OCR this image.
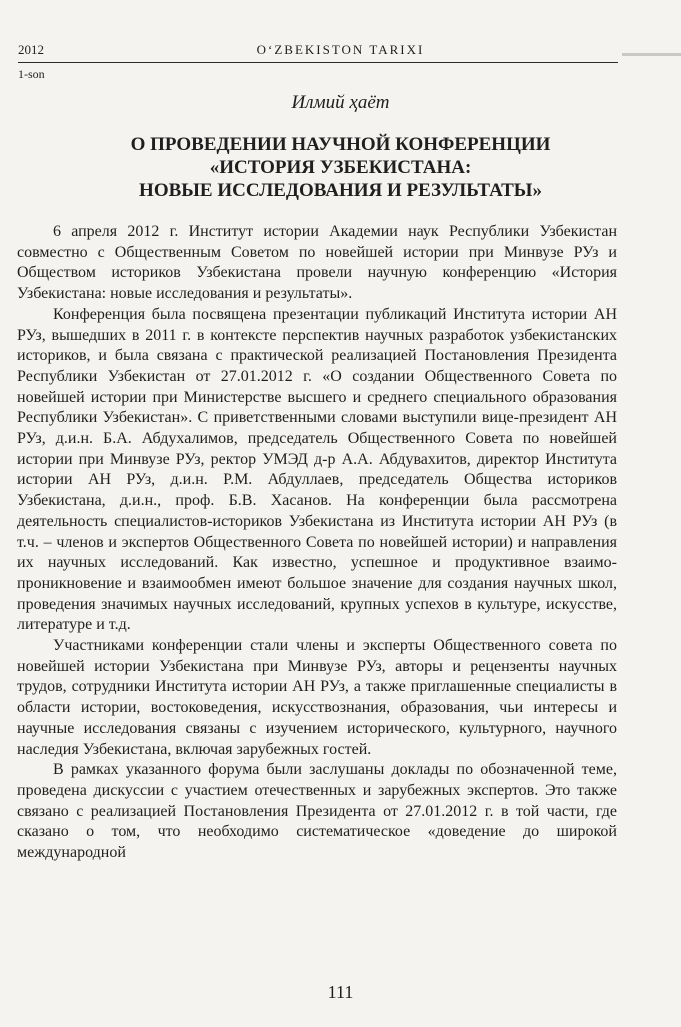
2012	O‘ZBEKISTON TARIXI
1-son
Илмий ҳаёт
О ПРОВЕДЕНИИ НАУЧНОЙ КОНФЕРЕНЦИИ
«ИСТОРИЯ УЗБЕКИСТАНА:
НОВЫЕ ИССЛЕДОВАНИЯ И РЕЗУЛЬТАТЫ»

6 апреля 2012 г. Институт истории Академии наук Республики Узбекистан совместно с Общественным Советом по новейшей истории при Минвузе РУз и Обществом историков Узбекистана провели научную конференцию «История Узбекистана: новые исследования и результаты».

Конференция была посвящена презентации публикаций Института истории АН РУз, вышедших в 2011 г. в контексте перспектив научных разработок узбекистанских историков, и была связана с практической реализацией Постановления Президента Республики Узбекистан от 27.01.2012 г. «О создании Общественного Совета по новейшей истории при Министерстве высшего и среднего специального образования Республики Узбекистан». С приветственными словами выступили вице-президент АН РУз, д.и.н. Б.А. Абдухалимов, председатель Общественного Совета по новейшей истории при Минвузе РУз, ректор УМЭД д-р А.А. Абдувахитов, директор Института истории АН РУз, д.и.н. Р.М. Абдуллаев, председатель Общества историков Узбекистана, д.и.н., проф. Б.В. Хасанов. На конференции была рассмотрена деятельность специалистов-историков Узбекистана из Института истории АН РУз (в т.ч. – членов и экспертов Общественного Совета по новейшей истории) и направления их научных исследований. Как известно, успешное и продуктивное взаимопроникновение и взаимообмен имеют большое значение для создания научных школ, проведения значимых научных исследований, крупных успехов в культуре, искусстве, литературе и т.д.

Участниками конференции стали члены и эксперты Общественного совета по новейшей истории Узбекистана при Минвузе РУз, авторы и рецензенты научных трудов, сотрудники Института истории АН РУз, а также приглашенные специалисты в области истории, востоковедения, искусствознания, образования, чьи интересы и научные исследования связаны с изучением исторического, культурного, научного наследия Узбекистана, включая зарубежных гостей.

В рамках указанного форума были заслушаны доклады по обозначенной теме, проведена дискуссии с участием отечественных и зарубежных экспертов. Это также связано с реализацией Постановления Президента от 27.01.2012 г. в той части, где сказано о том, что необходимо систематическое «доведение до широкой международной

111
